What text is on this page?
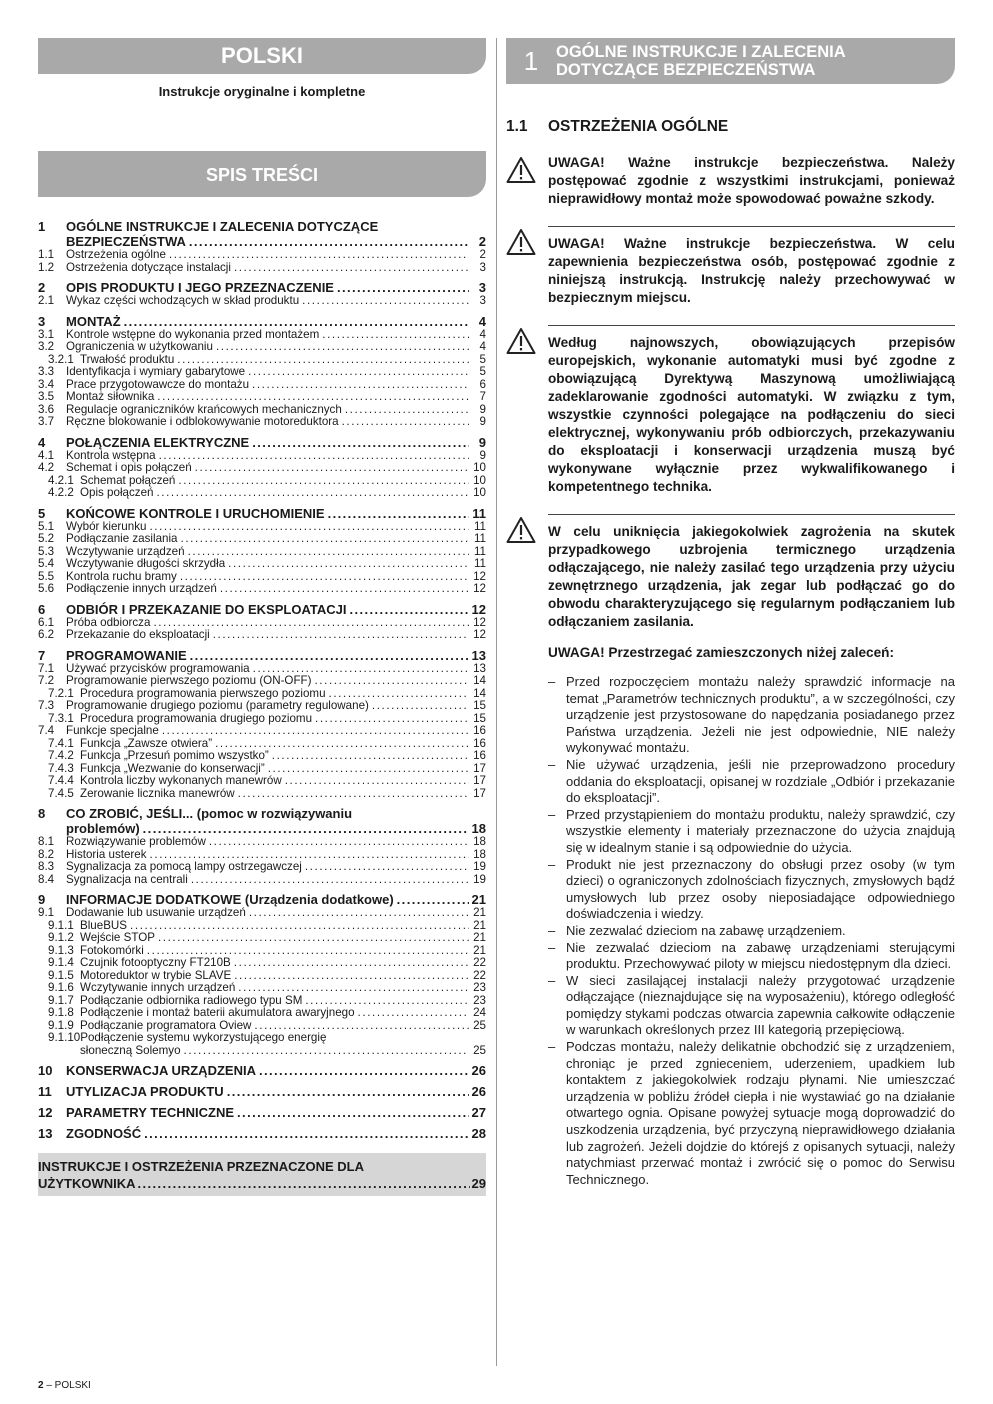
POLSKI
Instrukcje oryginalne i kompletne
SPIS TREŚCI
1	OGÓLNE INSTRUKCJE I ZALECENIA DOTYCZĄCE
BEZPIECZEŃSTWA .....	2
1.1	Ostrzeżenia ogólne .....	2
1.2	Ostrzeżenia dotyczące instalacji .....	3
2	OPIS PRODUKTU I JEGO PRZEZNACZENIE .....	3
2.1	Wykaz części wchodzących w skład produktu .....	3
3	MONTAŻ .....	4
3.1	Kontrole wstępne do wykonania przed montażem .....	4
3.2	Ograniczenia w użytkowaniu .....	4
3.2.1 Trwałość produktu .....	5
3.3	Identyfikacja i wymiary gabarytowe .....	5
3.4	Prace przygotowawcze do montażu .....	6
3.5	Montaż siłownika .....	7
3.6	Regulacje ograniczników krańcowych mechanicznych .....	9
3.7	Ręczne blokowanie i odblokowywanie motoreduktora .....	9
4	POŁĄCZENIA ELEKTRYCZNE .....	9
4.1	Kontrola wstępna .....	9
4.2	Schemat i opis połączeń .....	10
4.2.1 Schemat połączeń .....	10
4.2.2 Opis połączeń .....	10
5	KOŃCOWE KONTROLE I URUCHOMIENIE .....	11
5.1	Wybór kierunku .....	11
5.2	Podłączanie zasilania .....	11
5.3	Wczytywanie urządzeń .....	11
5.4	Wczytywanie długości skrzydła .....	11
5.5	Kontrola ruchu bramy .....	12
5.6	Podłączenie innych urządzeń .....	12
6	ODBIÓR I PRZEKAZANIE DO EKSPLOATACJI .....	12
6.1	Próba odbiorcza .....	12
6.2	Przekazanie do eksploatacji .....	12
7	PROGRAMOWANIE .....	13
7.1	Używać przycisków programowania .....	13
7.2	Programowanie pierwszego poziomu (ON-OFF) .....	14
7.2.1 Procedura programowania pierwszego poziomu .....	14
7.3	Programowanie drugiego poziomu (parametry regulowane) .....	15
7.3.1 Procedura programowania drugiego poziomu .....	15
7.4	Funkcje specjalne .....	16
7.4.1 Funkcja „Zawsze otwiera” .....	16
7.4.2 Funkcja „Przesuń pomimo wszystko” .....	16
7.4.3 Funkcja „Wezwanie do konserwacji” .....	17
7.4.4 Kontrola liczby wykonanych manewrów .....	17
7.4.5 Zerowanie licznika manewrów .....	17
8	CO ZROBIĆ, JEŚLI... (pomoc w rozwiązywaniu
problemów) .....	18
8.1	Rozwiązywanie problemów .....	18
8.2	Historia usterek .....	18
8.3	Sygnalizacja za pomocą lampy ostrzegawczej .....	19
8.4	Sygnalizacja na centrali .....	19
9	INFORMACJE DODATKOWE (Urządzenia dodatkowe) .....	21
9.1	Dodawanie lub usuwanie urządzeń .....	21
9.1.1 BlueBUS .....	21
9.1.2 Wejście STOP .....	21
9.1.3 Fotokomórki .....	21
9.1.4 Czujnik fotooptyczny FT210B .....	22
9.1.5 Motoreduktor w trybie SLAVE .....	22
9.1.6 Wczytywanie innych urządzeń .....	23
9.1.7 Podłączanie odbiornika radiowego typu SM .....	23
9.1.8 Podłączenie i montaż baterii akumulatora awaryjnego .....	24
9.1.9 Podłączanie programatora Oview .....	25
9.1.10 Podłączenie systemu wykorzystującego energię
słoneczną Solemyo .....	25
10	KONSERWACJA URZĄDZENIA .....	26
11	UTYLIZACJA PRODUKTU .....	26
12	PARAMETRY TECHNICZNE .....	27
13	ZGODNOŚĆ .....	28
INSTRUKCJE I OSTRZEŻENIA PRZEZNACZONE DLA
UŻYTKOWNIKA .....	29
2 – POLSKI
1	OGÓLNE INSTRUKCJE I ZALECENIA
DOTYCZĄCE BEZPIECZEŃSTWA
1.1	OSTRZEŻENIA OGÓLNE
UWAGA! Ważne instrukcje bezpieczeństwa. Należy postępować zgodnie z wszystkimi instrukcjami, ponieważ nieprawidłowy montaż może spowodować poważne szkody.
UWAGA! Ważne instrukcje bezpieczeństwa. W celu zapewnienia bezpieczeństwa osób, postępować zgodnie z niniejszą instrukcją. Instrukcję należy przechowywać w bezpiecznym miejscu.
Według najnowszych, obowiązujących przepisów europejskich, wykonanie automatyki musi być zgodne z obowiązującą Dyrektywą Maszynową umożliwiającą zadeklarowanie zgodności automatyki. W związku z tym, wszystkie czynności polegające na podłączeniu do sieci elektrycznej, wykonywaniu prób odbiorczych, przekazywaniu do eksploatacji i konserwacji urządzenia muszą być wykonywane wyłącznie przez wykwalifikowanego i kompetentnego technika.
W celu uniknięcia jakiegokolwiek zagrożenia na skutek przypadkowego uzbrojenia termicznego urządzenia odłączającego, nie należy zasilać tego urządzenia przy użyciu zewnętrznego urządzenia, jak zegar lub podłączać go do obwodu charakteryzującego się regularnym podłączaniem lub odłączaniem zasilania.
UWAGA! Przestrzegać zamieszczonych niżej zaleceń:
– Przed rozpoczęciem montażu należy sprawdzić informacje na temat „Parametrów technicznych produktu”, a w szczególności, czy urządzenie jest przystosowane do napędzania posiadanego przez Państwa urządzenia. Jeżeli nie jest odpowiednie, NIE należy wykonywać montażu.
– Nie używać urządzenia, jeśli nie przeprowadzono procedury oddania do eksploatacji, opisanej w rozdziale „Odbiór i przekazanie do eksploatacji”.
– Przed przystąpieniem do montażu produktu, należy sprawdzić, czy wszystkie elementy i materiały przeznaczone do użycia znajdują się w idealnym stanie i są odpowiednie do użycia.
– Produkt nie jest przeznaczony do obsługi przez osoby (w tym dzieci) o ograniczonych zdolnościach fizycznych, zmysłowych bądź umysłowych lub przez osoby nieposiadające odpowiedniego doświadczenia i wiedzy.
– Nie zezwalać dzieciom na zabawę urządzeniem.
– Nie zezwalać dzieciom na zabawę urządzeniami sterującymi produktu. Przechowywać piloty w miejscu niedostępnym dla dzieci.
– W sieci zasilającej instalacji należy przygotować urządzenie odłączające (nieznajdujące się na wyposażeniu), którego odległość pomiędzy stykami podczas otwarcia zapewnia całkowite odłączenie w warunkach określonych przez III kategorią przepięciową.
– Podczas montażu, należy delikatnie obchodzić się z urządzeniem, chroniąc je przed zgnieceniem, uderzeniem, upadkiem lub kontaktem z jakiegokolwiek rodzaju płynami. Nie umieszczać urządzenia w pobliżu źródeł ciepła i nie wystawiać go na działanie otwartego ognia. Opisane powyżej sytuacje mogą doprowadzić do uszkodzenia urządzenia, być przyczyną nieprawidłowego działania lub zagrożeń. Jeżeli dojdzie do którejś z opisanych sytuacji, należy natychmiast przerwać montaż i zwrócić się o pomoc do Serwisu Technicznego.
